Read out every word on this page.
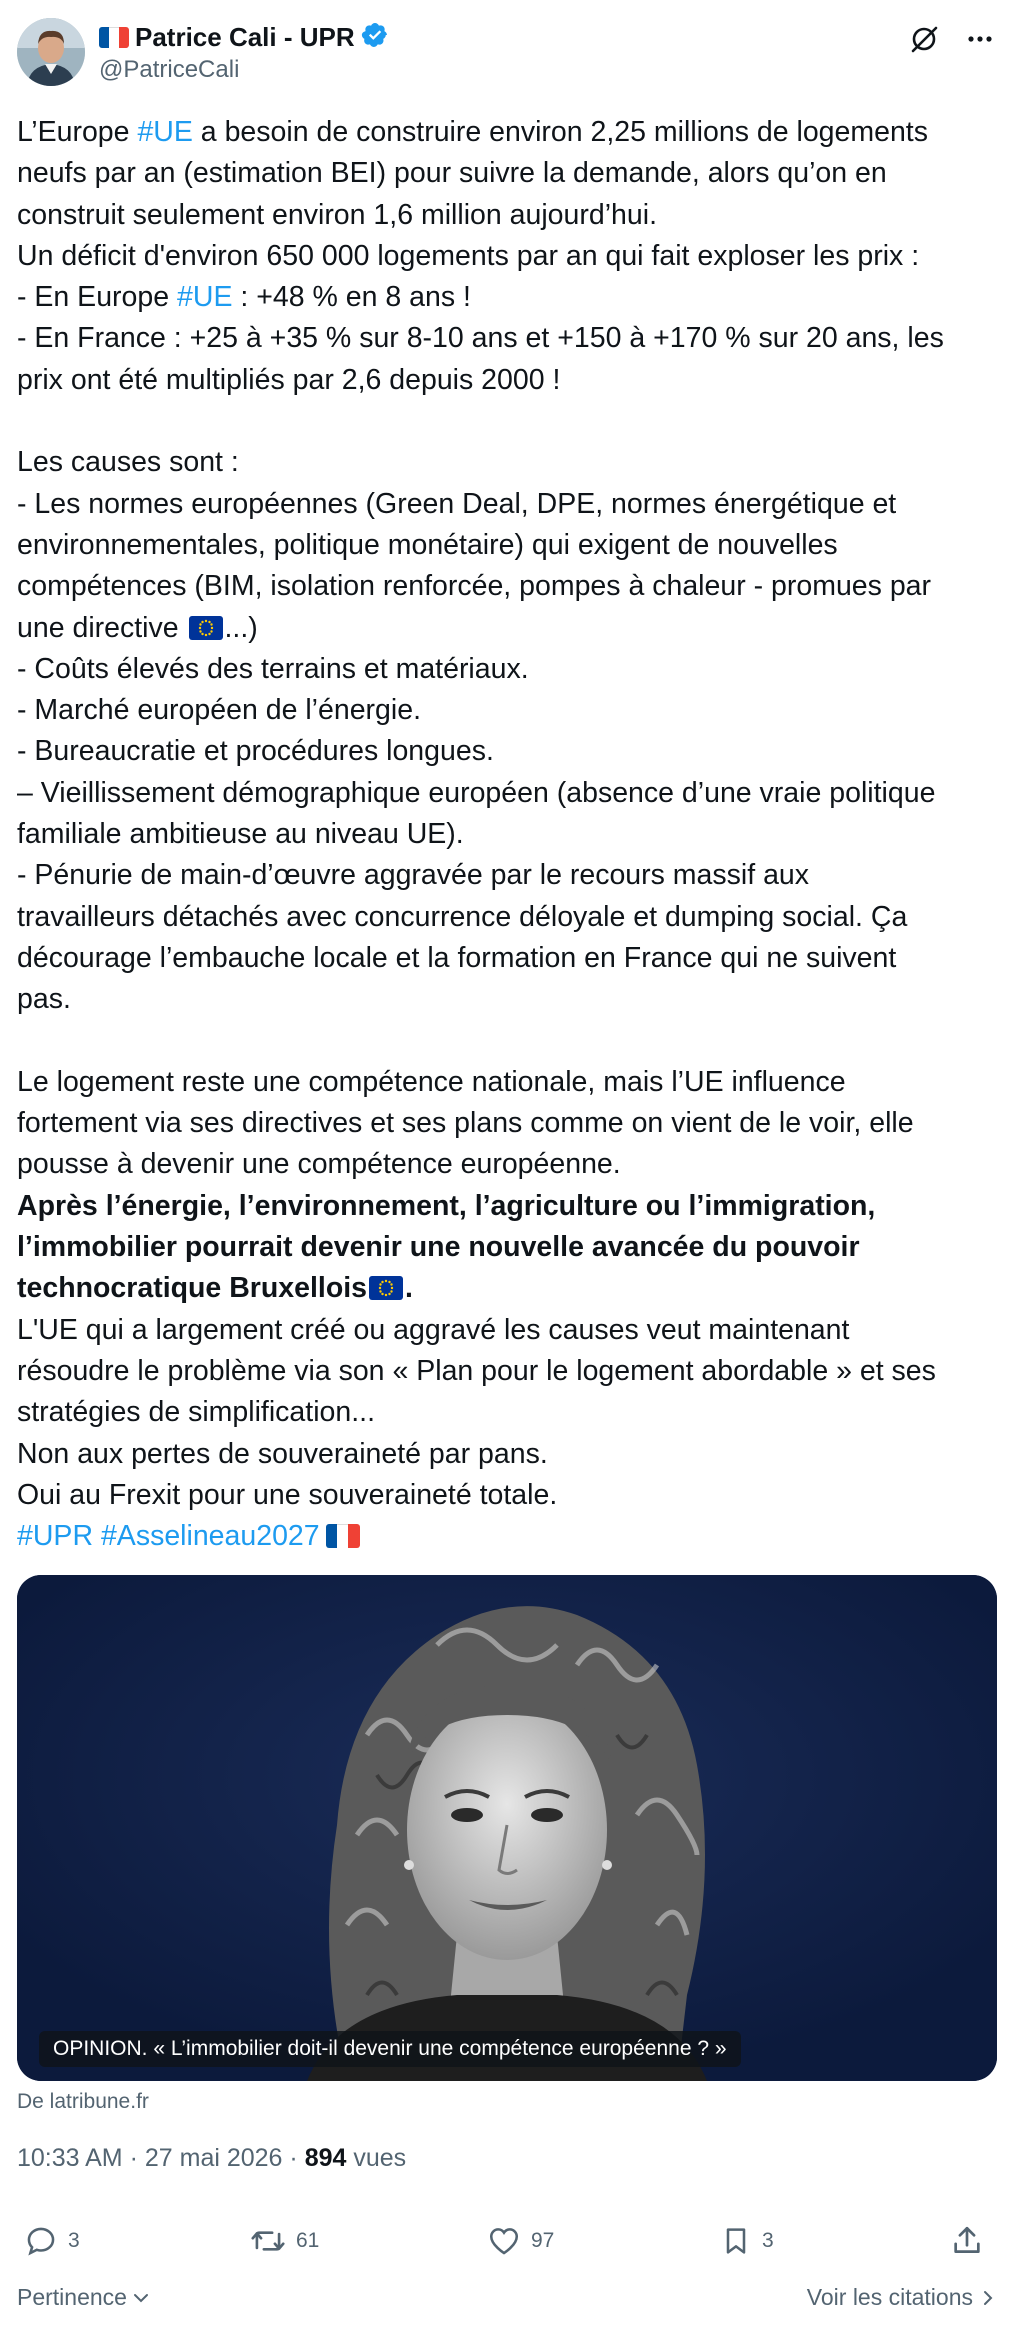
Patrice Cali - UPR
@PatriceCali

L’Europe #UE a besoin de construire environ 2,25 millions de logements

neufs par an (estimation BEI) pour suivre la demande, alors qu’on en

construit seulement environ 1,6 million aujourd’hui.

Un déficit d'environ 650 000 logements par an qui fait exploser les prix :

- En Europe #UE : +48 % en 8 ans !

- En France : +25 à +35 % sur 8-10 ans et +150 à +170 % sur 20 ans, les

prix ont été multipliés par 2,6 depuis 2000 !

Les causes sont :

- Les normes européennes (Green Deal, DPE, normes énergétique et

environnementales, politique monétaire) qui exigent de nouvelles

compétences (BIM, isolation renforcée, pompes à chaleur - promues par

une directive
...)

- Coûts élevés des terrains et matériaux.

- Marché européen de l’énergie.

- Bureaucratie et procédures longues.

– Vieillissement démographique européen (absence d’une vraie politique

familiale ambitieuse au niveau UE).

- Pénurie de main-d’œuvre aggravée par le recours massif aux

travailleurs détachés avec concurrence déloyale et dumping social. Ça

décourage l’embauche locale et la formation en France qui ne suivent

pas.

Le logement reste une compétence nationale, mais l’UE influence

fortement via ses directives et ses plans comme on vient de le voir, elle

pousse à devenir une compétence européenne.

Après l’énergie, l’environnement, l’agriculture ou l’immigration,

l’immobilier pourrait devenir une nouvelle avancée du pouvoir

technocratique Bruxellois .

L'UE qui a largement créé ou aggravé les causes veut maintenant

résoudre le problème via son « Plan pour le logement abordable » et ses

stratégies de simplification...

Non aux pertes de souveraineté par pans.

Oui au Frexit pour une souveraineté totale.

#UPR #Asselineau2027

OPINION. « L’immobilier doit-il devenir une compétence européenne ? »
De latribune.fr
10:33 AM · 27 mai 2026 · 894 vues
3	61	97	3
Pertinence	Voir les citations
